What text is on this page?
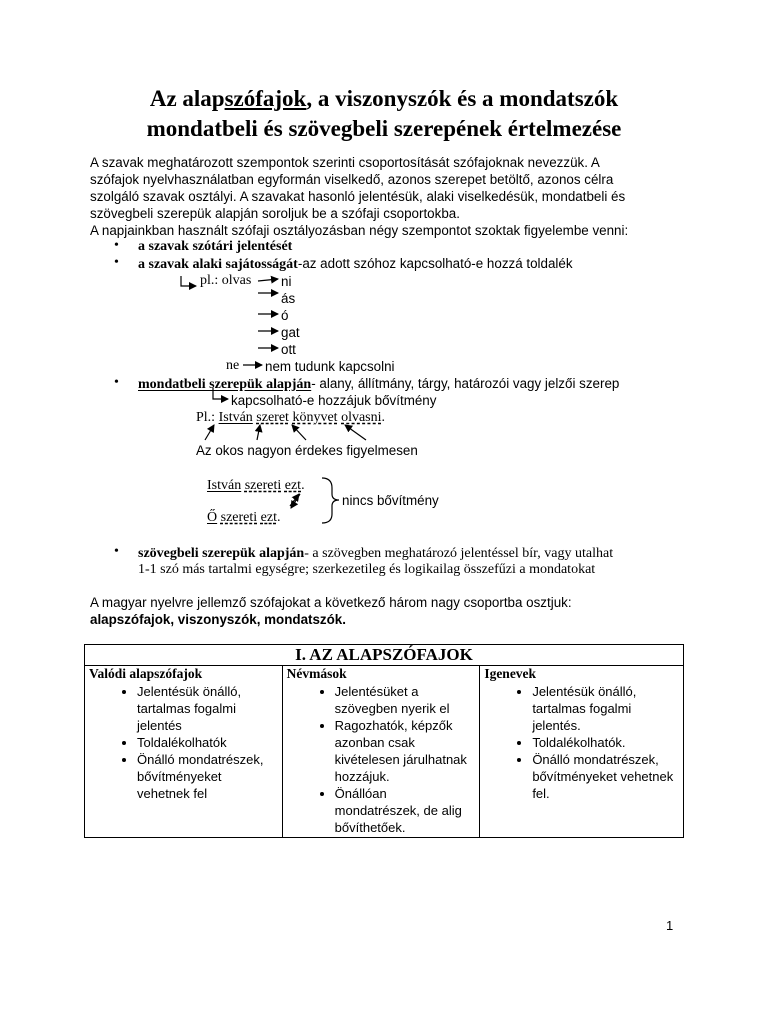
Az alapszófajok, a viszonyszók és a mondatszók
mondatbeli és szövegbeli szerepének értelmezése
A szavak meghatározott szempontok szerinti csoportosítását szófajoknak nevezzük. A
szófajok nyelvhasználatban egyformán viselkedő, azonos szerepet betöltő, azonos célra
szolgáló szavak osztályi. A szavakat hasonló jelentésük, alaki viselkedésük, mondatbeli és
szövegbeli szerepük alapján soroljuk be a szófaji csoportokba.
A napjainkban használt szófaji osztályozásban négy szempontot szoktak figyelembe venni:
• a szavak szótári jelentését
• a szavak alaki sajátosságát-az adott szóhoz kapcsolható-e hozzá toldalék
pl.: olvas ni
ás
ó
gat
ott
ne nem tudunk kapcsolni
• mondatbeli szerepük alapján- alany, állítmány, tárgy, határozói vagy jelzői szerep
kapcsolható-e hozzájuk bővítmény
Pl.: István szeret könyvet olvasni.
Az okos nagyon érdekes figyelmesen
István szereti ezt.
Ő szereti ezt.
nincs bővítmény
• szövegbeli szerepük alapján- a szövegben meghatározó jelentéssel bír, vagy utalhat
1-1 szó más tartalmi egységre; szerkezetileg és logikailag összefűzi a mondatokat
A magyar nyelvre jellemző szófajokat a következő három nagy csoportba osztjuk:
alapszófajok, viszonyszók, mondatszók.
I. AZ ALAPSZÓFAJOK

Valódi alapszófajok
• Jelentésük önálló, tartalmas fogalmi jelentés
• Toldalékolhatók
• Önálló mondatrészek, bővítményeket vehetnek fel

Névmások
• Jelentésüket a szövegben nyerik el
• Ragozhatók, képzők azonban csak kivételesen járulhatnak hozzájuk.
• Önállóan mondatrészek, de alig bővíthetőek.

Igenevek
• Jelentésük önálló, tartalmas fogalmi jelentés.
• Toldalékolhatók.
• Önálló mondatrészek, bővítményeket vehetnek fel.
1
